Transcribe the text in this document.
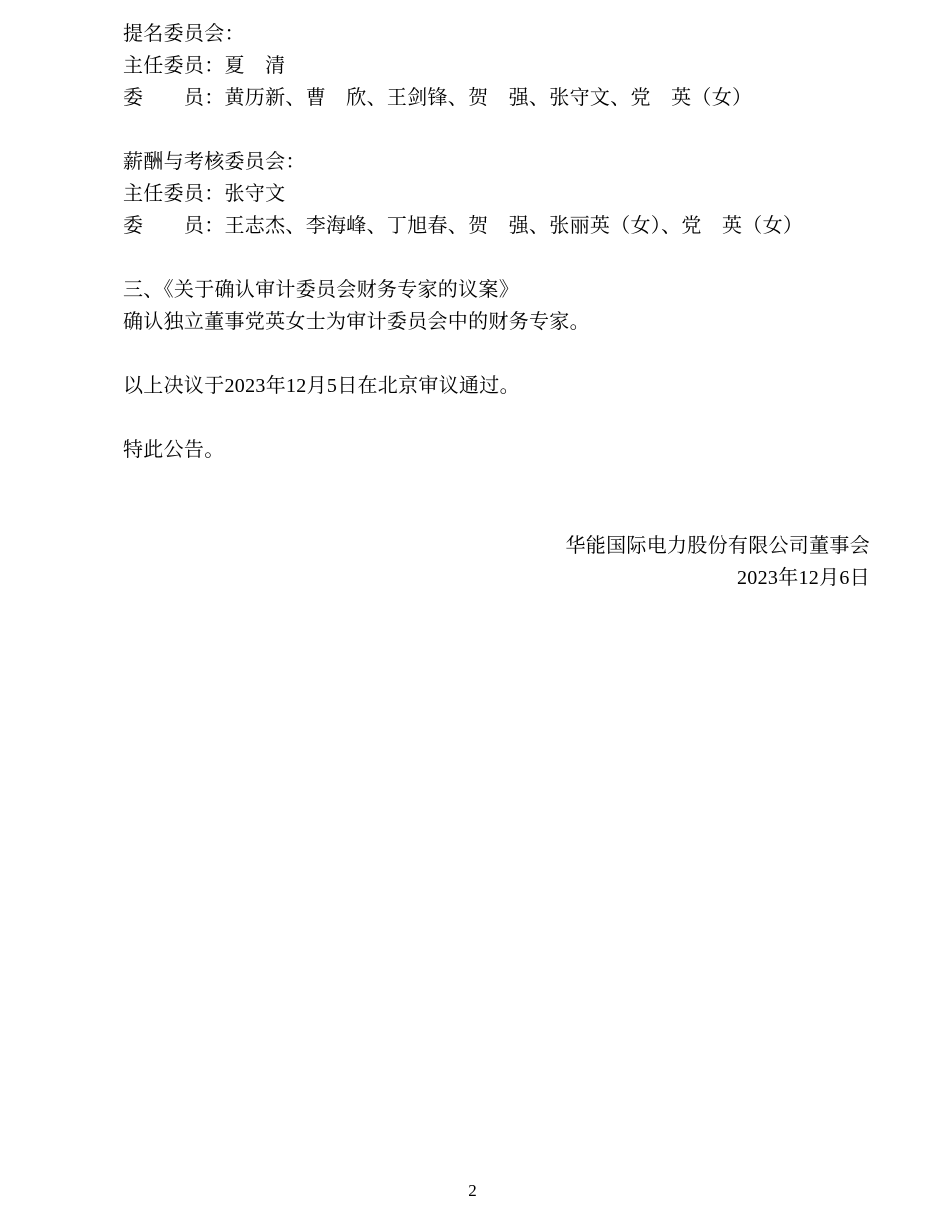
提名委员会：

主任委员：夏　清

委　　员：黄历新、曹　欣、王剑锋、贺　强、张守文、党　英（女）

薪酬与考核委员会：

主任委员：张守文

委　　员：王志杰、李海峰、丁旭春、贺　强、张丽英（女）、党　英（女）

三、《关于确认审计委员会财务专家的议案》

确认独立董事党英女士为审计委员会中的财务专家。

以上决议于2023年12月5日在北京审议通过。

特此公告。

华能国际电力股份有限公司董事会

2023年12月6日

2
